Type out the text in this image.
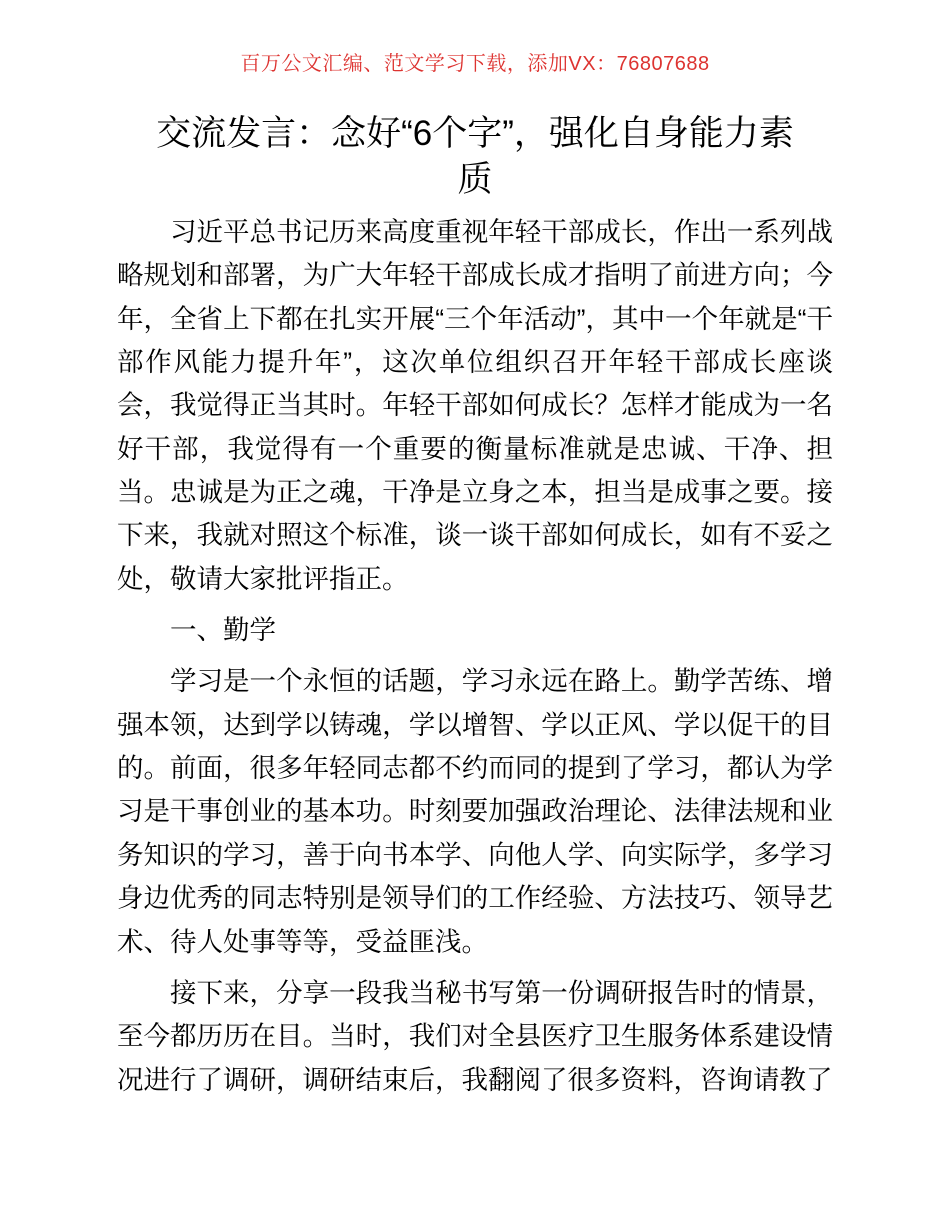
百万公文汇编、范文学习下载，添加VX：76807688
交流发言：念好“6个字”，强化自身能力素
质

习近平总书记历来高度重视年轻干部成长，作出一系列战略规划和部署，为广大年轻干部成长成才指明了前进方向；今年，全省上下都在扎实开展“三个年活动”，其中一个年就是“干部作风能力提升年”，这次单位组织召开年轻干部成长座谈会，我觉得正当其时。年轻干部如何成长？怎样才能成为一名好干部，我觉得有一个重要的衡量标准就是忠诚、干净、担当。忠诚是为正之魂，干净是立身之本，担当是成事之要。接下来，我就对照这个标准，谈一谈干部如何成长，如有不妥之处，敬请大家批评指正。

一、勤学

学习是一个永恒的话题，学习永远在路上。勤学苦练、增强本领，达到学以铸魂，学以增智、学以正风、学以促干的目的。前面，很多年轻同志都不约而同的提到了学习，都认为学习是干事创业的基本功。时刻要加强政治理论、法律法规和业务知识的学习，善于向书本学、向他人学、向实际学，多学习身边优秀的同志特别是领导们的工作经验、方法技巧、领导艺术、待人处事等等，受益匪浅。

接下来，分享一段我当秘书写第一份调研报告时的情景，至今都历历在目。当时，我们对全县医疗卫生服务体系建设情况进行了调研，调研结束后，我翻阅了很多资料，咨询请教了
